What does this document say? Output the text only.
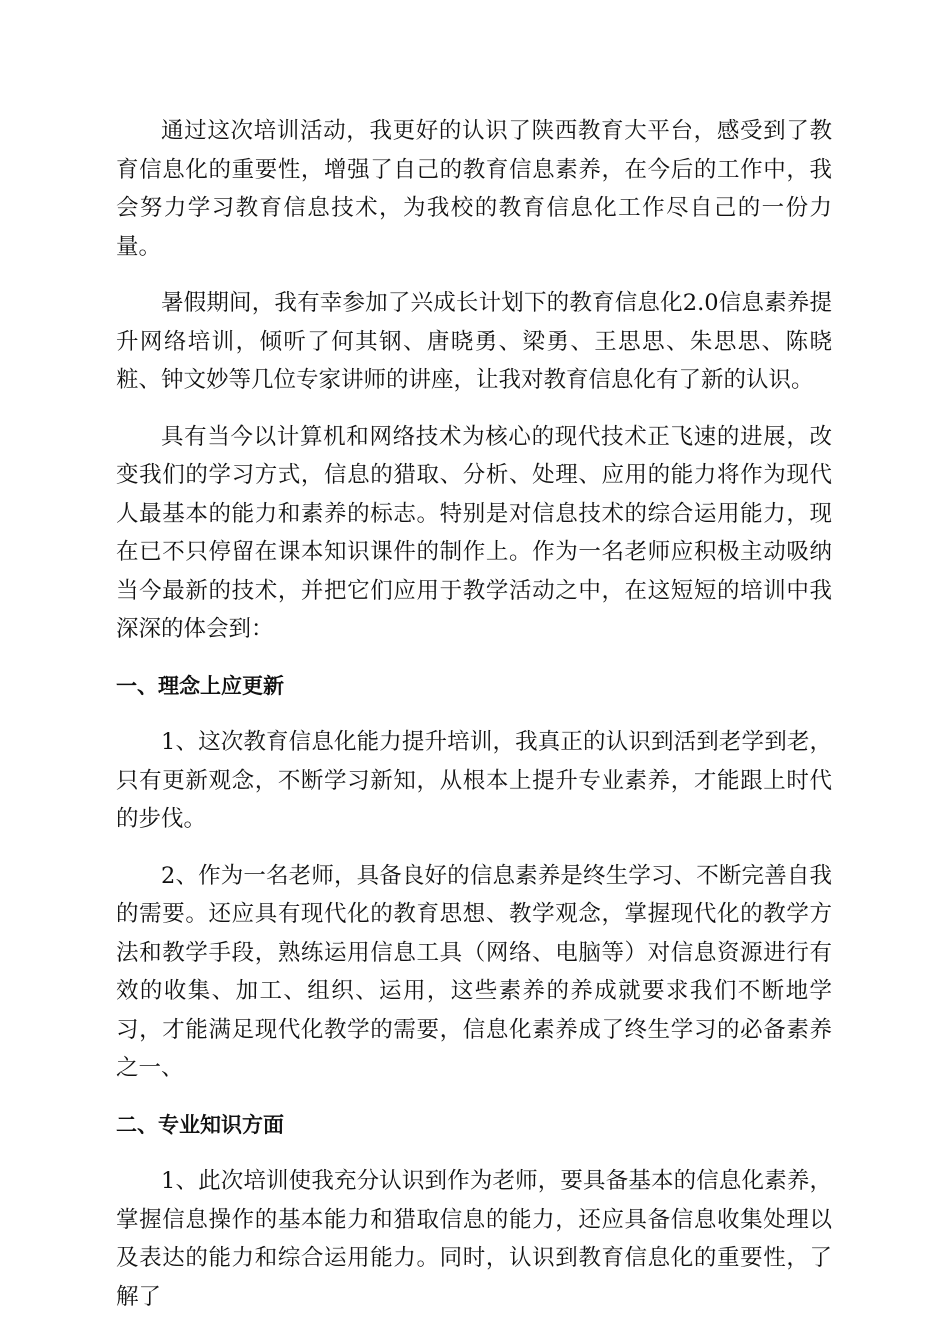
通过这次培训活动，我更好的认识了陕西教育大平台，感受到了教育信息化的重要性，增强了自己的教育信息素养，在今后的工作中，我会努力学习教育信息技术，为我校的教育信息化工作尽自己的一份力量。

暑假期间，我有幸参加了兴成长计划下的教育信息化2.0信息素养提升网络培训，倾听了何其钢、唐晓勇、梁勇、王思思、朱思思、陈晓粧、钟文妙等几位专家讲师的讲座，让我对教育信息化有了新的认识。

具有当今以计算机和网络技术为核心的现代技术正飞速的进展，改变我们的学习方式，信息的猎取、分析、处理、应用的能力将作为现代人最基本的能力和素养的标志。特别是对信息技术的综合运用能力，现在已不只停留在课本知识课件的制作上。作为一名老师应积极主动吸纳当今最新的技术，并把它们应用于教学活动之中，在这短短的培训中我深深的体会到：

一、理念上应更新

1、这次教育信息化能力提升培训，我真正的认识到活到老学到老，只有更新观念，不断学习新知，从根本上提升专业素养，才能跟上时代的步伐。

2、作为一名老师，具备良好的信息素养是终生学习、不断完善自我的需要。还应具有现代化的教育思想、教学观念，掌握现代化的教学方法和教学手段，熟练运用信息工具（网络、电脑等）对信息资源进行有效的收集、加工、组织、运用，这些素养的养成就要求我们不断地学习，才能满足现代化教学的需要，信息化素养成了终生学习的必备素养之一、

二、专业知识方面

1、此次培训使我充分认识到作为老师，要具备基本的信息化素养，掌握信息操作的基本能力和猎取信息的能力，还应具备信息收集处理以及表达的能力和综合运用能力。同时，认识到教育信息化的重要性，了解了
